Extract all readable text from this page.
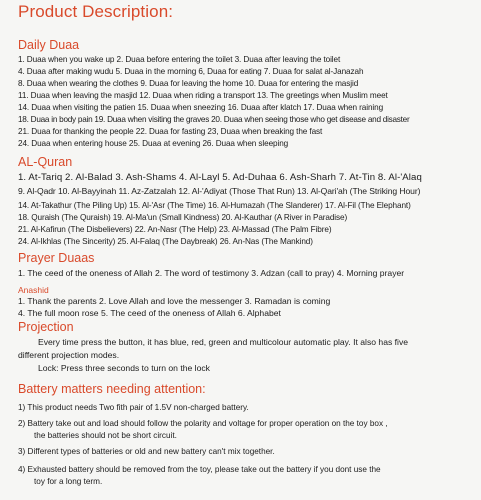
Product Description:
Daily Duaa
1. Duaa when you wake up 2. Duaa before entering the toilet 3. Duaa after leaving the toilet
4. Duaa after making wudu 5. Duaa in the morning 6, Duaa for eating 7. Duaa for salat al-Janazah
8. Duaa when wearing the clothes 9. Duaa for leaving the home 10. Duaa for entering the masjid
11. Duaa when leaving the masjid 12. Duaa when riding a transport 13. The greetings when Muslim meet
14. Duaa when visiting the patien 15. Duaa when sneezing 16. Duaa after klatch 17. Duaa when raining
18. Duaa in body pain 19. Duaa when visiting the graves 20. Duaa when seeing those who get disease and disaster
21. Duaa for thanking the people 22. Duaa for fasting 23, Duaa when breaking the fast
24. Duaa when entering house 25. Duaa at evening 26. Duaa when sleeping
AL-Quran
1. At-Tariq 2. Al-Balad 3. Ash-Shams 4. Al-Layl 5. Ad-Duhaa 6. Ash-Sharh 7. At-Tin 8. Al-'Alaq
9. Al-Qadr 10. Al-Bayyinah 11. Az-Zatzalah 12. Al-'Adiyat (Those That Run) 13. Al-Qari'ah (The Striking Hour)
14. At-Takathur (The Piling Up) 15. Al-'Asr (The Time) 16. Al-Humazah (The Slanderer) 17. Al-Fil (The Elephant)
18. Quraish (The Quraish) 19. Al-Ma'un (Small Kindness) 20. Al-Kauthar (A River in Paradise)
21. Al-Kafirun (The Disbelievers) 22. An-Nasr (The Help) 23. Al-Massad (The Palm Fibre)
24. Al-Ikhlas (The Sincerity) 25. Al-Falaq (The Daybreak) 26. An-Nas (The Mankind)
Prayer Duaas
1. The ceed of the oneness of Allah 2. The word of testimony 3. Adzan (call to pray) 4. Morning prayer
Anashid
1. Thank the parents 2. Love Allah and love the messenger 3. Ramadan is coming
4. The full moon rose 5. The ceed of the oneness of Allah 6. Alphabet
Projection
Every time press the button, it has blue, red, green and multicolour automatic play. It also has five
different projection modes.
Lock: Press three seconds to turn on the lock
Battery matters needing attention:
1) This product needs Two fith pair of 1.5V non-charged battery.
2) Battery take out and load should follow the polarity and voltage for proper operation on the toy box ,
the batteries should not be short circuit.
3) Different types of batteries or old and new battery can't mix together.
4) Exhausted battery should be removed from the toy, please take out the battery if you dont use the
toy for a long term.
